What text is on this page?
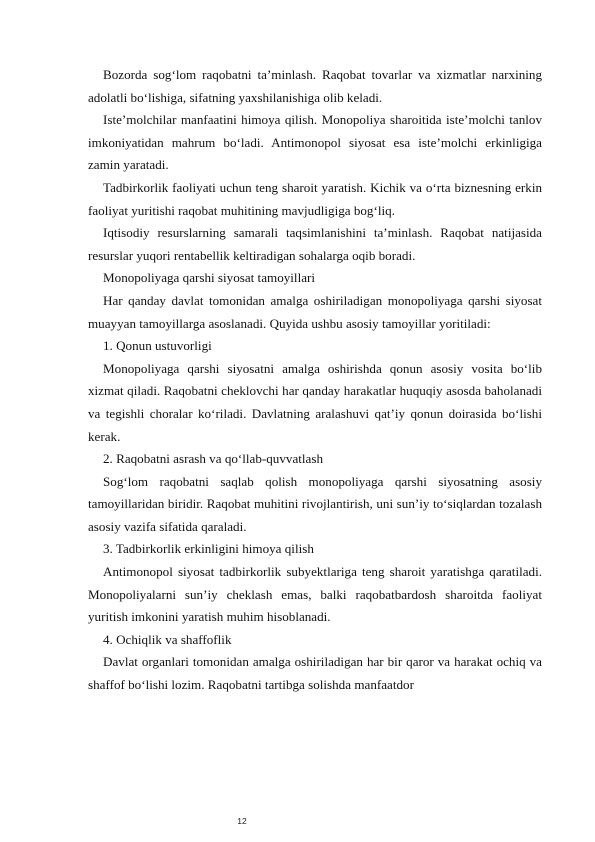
Bozorda sog‘lom raqobatni ta’minlash. Raqobat tovarlar va xizmatlar narxining adolatli bo‘lishiga, sifatning yaxshilanishiga olib keladi.

Iste’molchilar manfaatini himoya qilish. Monopoliya sharoitida iste’molchi tanlov imkoniyatidan mahrum bo‘ladi. Antimonopol siyosat esa iste’molchi erkinligiga zamin yaratadi.

Tadbirkorlik faoliyati uchun teng sharoit yaratish. Kichik va o‘rta biznesning erkin faoliyat yuritishi raqobat muhitining mavjudligiga bog‘liq.

Iqtisodiy resurslarning samarali taqsimlanishini ta’minlash. Raqobat natijasida resurslar yuqori rentabellik keltiradigan sohalarga oqib boradi.

Monopoliyaga qarshi siyosat tamoyillari

Har qanday davlat tomonidan amalga oshiriladigan monopoliyaga qarshi siyosat muayyan tamoyillarga asoslanadi. Quyida ushbu asosiy tamoyillar yoritiladi:

1. Qonun ustuvorligi

Monopoliyaga qarshi siyosatni amalga oshirishda qonun asosiy vosita bo‘lib xizmat qiladi. Raqobatni cheklovchi har qanday harakatlar huquqiy asosda baholanadi va tegishli choralar ko‘riladi. Davlatning aralashuvi qat’iy qonun doirasida bo‘lishi kerak.

2. Raqobatni asrash va qo‘llab-quvvatlash

Sog‘lom raqobatni saqlab qolish monopoliyaga qarshi siyosatning asosiy tamoyillaridan biridir. Raqobat muhitini rivojlantirish, uni sun’iy to‘siqlardan tozalash asosiy vazifa sifatida qaraladi.

3. Tadbirkorlik erkinligini himoya qilish

Antimonopol siyosat tadbirkorlik subyektlariga teng sharoit yaratishga qaratiladi. Monopoliyalarni sun’iy cheklash emas, balki raqobatbardosh sharoitda faoliyat yuritish imkonini yaratish muhim hisoblanadi.

4. Ochiqlik va shaffoflik

Davlat organlari tomonidan amalga oshiriladigan har bir qaror va harakat ochiq va shaffof bo‘lishi lozim. Raqobatni tartibga solishda manfaatdor

12
